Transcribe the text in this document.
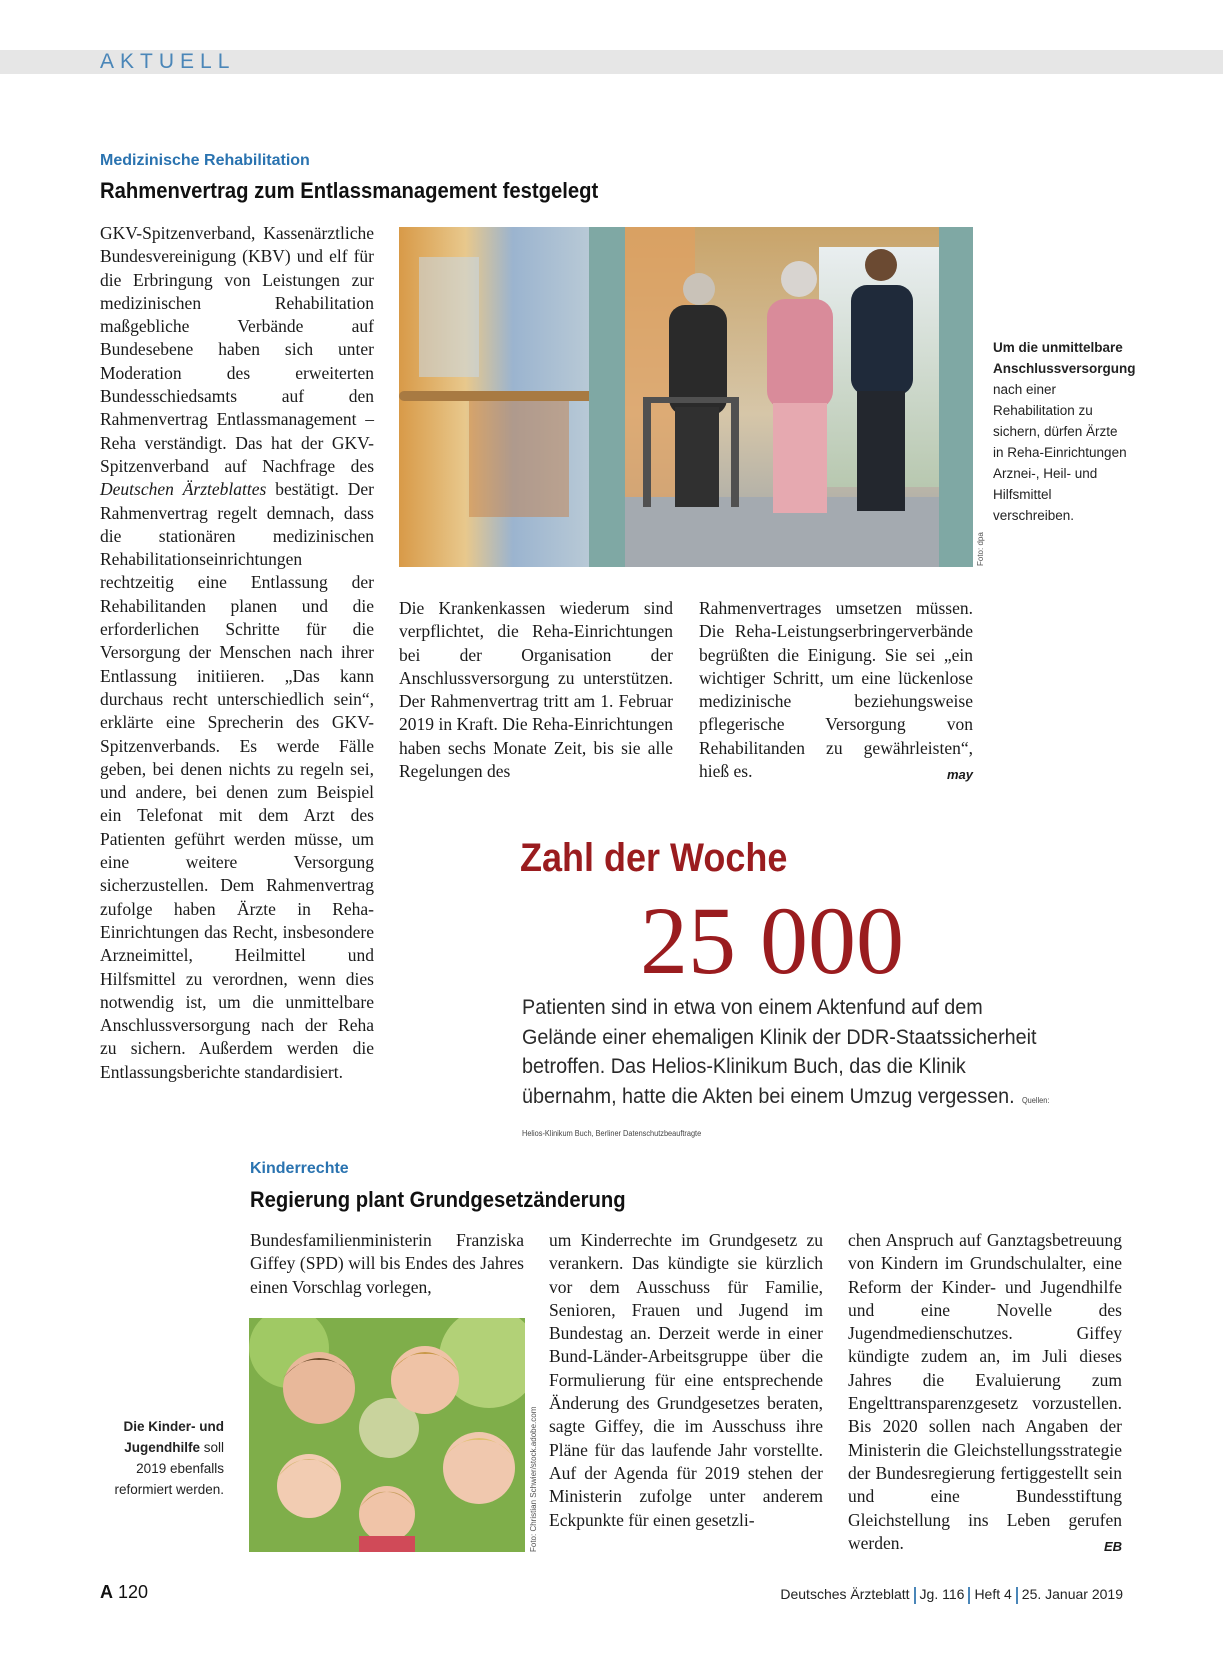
AKTUELL
Medizinische Rehabilitation
Rahmenvertrag zum Entlassmanagement festgelegt
GKV-Spitzenverband, Kassenärztliche Bundesvereinigung (KBV) und elf für die Erbringung von Leistungen zur medizinischen Rehabilitation maßgebliche Verbände auf Bundesebene haben sich unter Moderation des erweiterten Bundesschiedsamts auf den Rahmenvertrag Entlassmanagement – Reha verständigt. Das hat der GKV-Spitzenverband auf Nachfrage des Deutschen Ärzteblattes bestätigt. Der Rahmenvertrag regelt demnach, dass die stationären medizinischen Rehabilitationseinrichtungen rechtzeitig eine Entlassung der Rehabilitanden planen und die erforderlichen Schritte für die Versorgung der Menschen nach ihrer Entlassung initiieren. „Das kann durchaus recht unterschiedlich sein“, erklärte eine Sprecherin des GKV-Spitzenverbands. Es werde Fälle geben, bei denen nichts zu regeln sei, und andere, bei denen zum Beispiel ein Telefonat mit dem Arzt des Patienten geführt werden müsse, um eine weitere Versorgung sicherzustellen. Dem Rahmenvertrag zufolge haben Ärzte in Reha-Einrichtungen das Recht, insbesondere Arzneimittel, Heilmittel und Hilfsmittel zu verordnen, wenn dies notwendig ist, um die unmittelbare Anschlussversorgung nach der Reha zu sichern. Außerdem werden die Entlassungsberichte standardisiert.
Foto: dpa
Um die unmittelbare Anschlussversorgung nach einer Rehabilitation zu sichern, dürfen Ärzte in Reha-Einrichtungen Arznei-, Heil- und Hilfsmittel verschreiben.
Die Krankenkassen wiederum sind verpflichtet, die Reha-Einrichtungen bei der Organisation der Anschlussversorgung zu unterstützen. Der Rahmenvertrag tritt am 1. Februar 2019 in Kraft. Die Reha-Einrichtungen haben sechs Monate Zeit, bis sie alle Regelungen des
Rahmenvertrages umsetzen müssen. Die Reha-Leistungserbringerverbände begrüßten die Einigung. Sie sei „ein wichtiger Schritt, um eine lückenlose medizinische beziehungsweise pflegerische Versorgung von Rehabilitanden zu gewährleisten“, hieß es.	may
Zahl der Woche
25 000
Patienten sind in etwa von einem Aktenfund auf dem Gelände einer ehemaligen Klinik der DDR-Staatssicherheit betroffen. Das Helios-Klinikum Buch, das die Klinik übernahm, hatte die Akten bei einem Umzug vergessen. Quellen: Helios-Klinikum Buch, Berliner Datenschutzbeauftragte
Kinderrechte
Regierung plant Grundgesetzänderung
Bundesfamilienministerin Franziska Giffey (SPD) will bis Endes des Jahres einen Vorschlag vorlegen,
Foto: Christian Schwier/stock.adobe.com
Die Kinder- und Jugendhilfe soll 2019 ebenfalls reformiert werden.
um Kinderrechte im Grundgesetz zu verankern. Das kündigte sie kürzlich vor dem Ausschuss für Familie, Senioren, Frauen und Jugend im Bundestag an. Derzeit werde in einer Bund-Länder-Arbeitsgruppe über die Formulierung für eine entsprechende Änderung des Grundgesetzes beraten, sagte Giffey, die im Ausschuss ihre Pläne für das laufende Jahr vorstellte. Auf der Agenda für 2019 stehen der Ministerin zufolge unter anderem Eckpunkte für einen gesetzli-
chen Anspruch auf Ganztagsbetreuung von Kindern im Grundschulalter, eine Reform der Kinder- und Jugendhilfe und eine Novelle des Jugendmedienschutzes. Giffey kündigte zudem an, im Juli dieses Jahres die Evaluierung zum Engelttransparenzgesetz vorzustellen. Bis 2020 sollen nach Angaben der Ministerin die Gleichstellungsstrategie der Bundesregierung fertiggestellt sein und eine Bundesstiftung Gleichstellung ins Leben gerufen werden.	EB
A 120	Deutsches Ärzteblatt Jg. 116 Heft 4 25. Januar 2019
